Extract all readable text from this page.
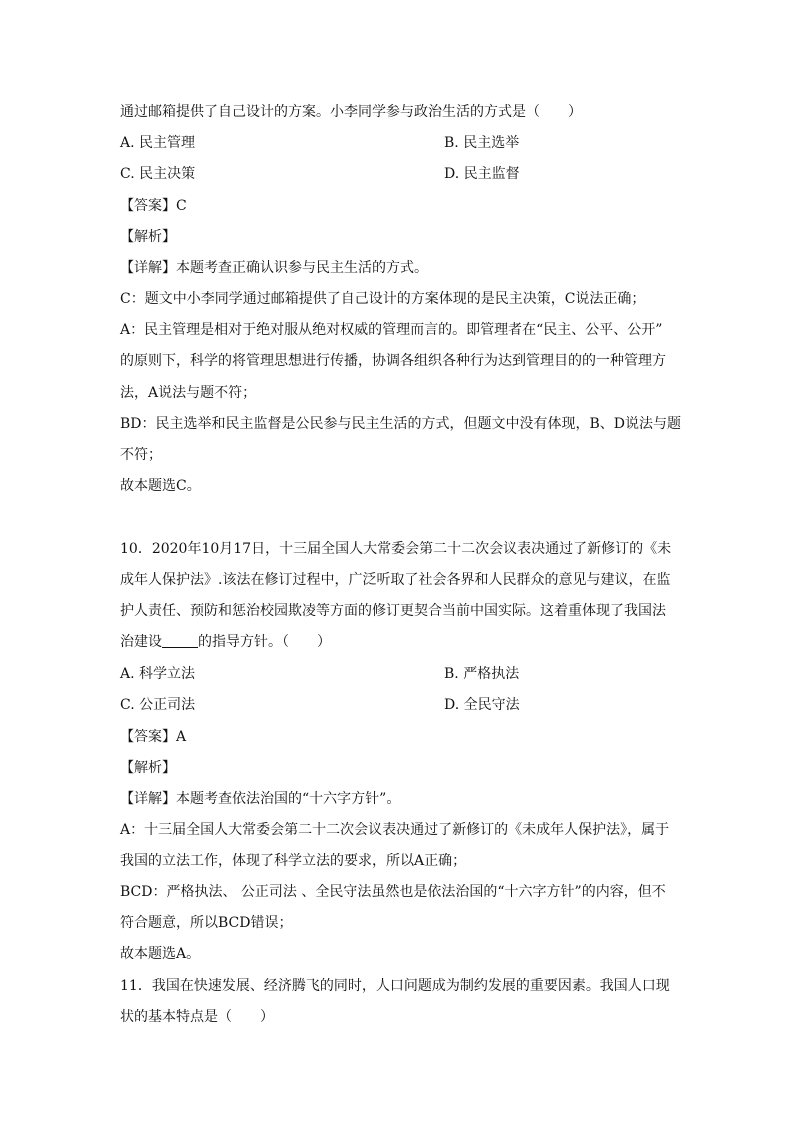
通过邮箱提供了自己设计的方案。小李同学参与政治生活的方式是（　　）
A. 民主管理	B. 民主选举
C. 民主决策	D. 民主监督
【答案】C
【解析】
【详解】本题考查正确认识参与民主生活的方式。
C：题文中小李同学通过邮箱提供了自己设计的方案体现的是民主决策，C说法正确；
A：民主管理是相对于绝对服从绝对权威的管理而言的。即管理者在“民主、公平、公开”
的原则下，科学的将管理思想进行传播，协调各组织各种行为达到管理目的的一种管理方
法，A说法与题不符；
BD：民主选举和民主监督是公民参与民主生活的方式，但题文中没有体现，B、D说法与题
不符；
故本题选C。
10．2020年10月17日，十三届全国人大常委会第二十二次会议表决通过了新修订的《未
成年人保护法》.该法在修订过程中，广泛听取了社会各界和人民群众的意见与建议，在监
护人责任、预防和惩治校园欺凌等方面的修订更契合当前中国实际。这着重体现了我国法
治建设	的指导方针。（　　）
A. 科学立法	B. 严格执法
C. 公正司法	D. 全民守法
【答案】A
【解析】
【详解】本题考查依法治国的“十六字方针”。
A：十三届全国人大常委会第二十二次会议表决通过了新修订的《未成年人保护法》，属于
我国的立法工作，体现了科学立法的要求，所以A正确；
BCD：严格执法、 公正司法 、全民守法虽然也是依法治国的“十六字方针”的内容，但不
符合题意，所以BCD错误；
故本题选A。
11．我国在快速发展、经济腾飞的同时，人口问题成为制约发展的重要因素。我国人口现
状的基本特点是（　　）
